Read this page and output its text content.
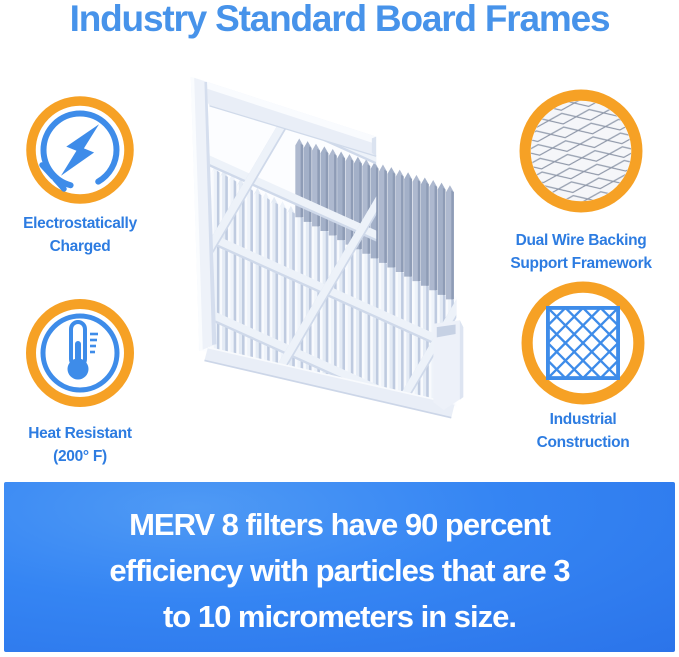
Industry Standard Board Frames
Electrostatically
Charged	Dual Wire Backing
Support Framework
Heat Resistant
(200° F)
Industrial
Construction
MERV 8 filters have 90 percent
efficiency with particles that are 3
to 10 micrometers in size.
